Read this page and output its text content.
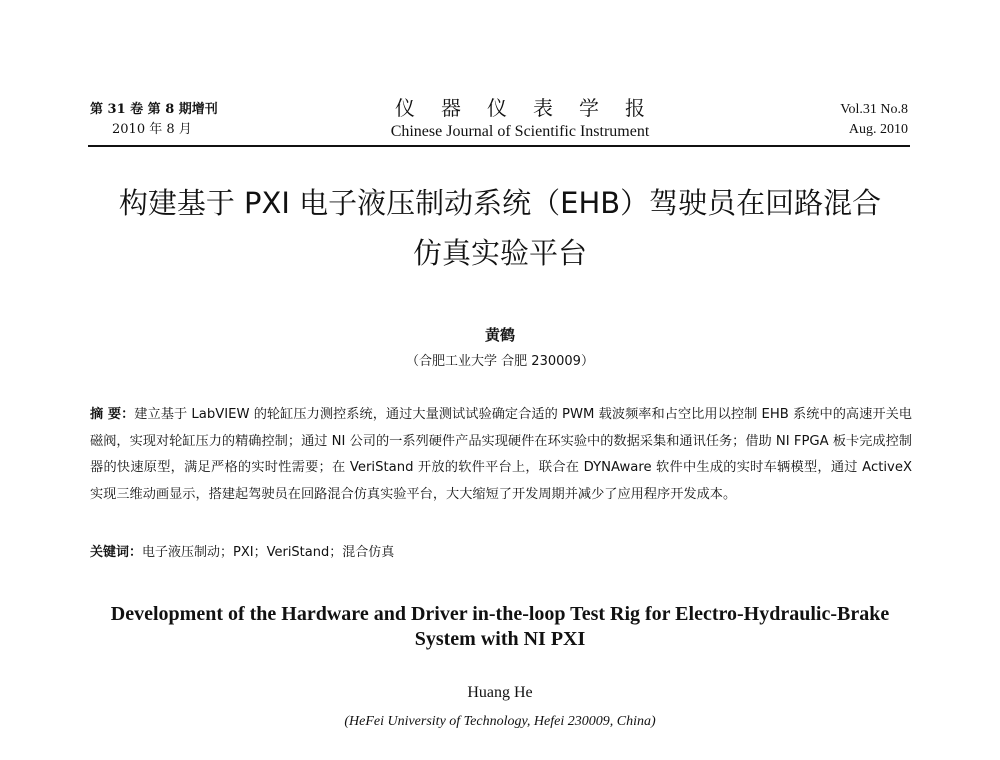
第 31 卷 第 8 期增刊
2010 年 8 月
仪器仪表学报
Chinese Journal of Scientific Instrument
Vol.31 No.8
Aug. 2010
构建基于 PXI 电子液压制动系统（EHB）驾驶员在回路混合
仿真实验平台
黄鹤
（合肥工业大学 合肥 230009）

摘 要：建立基于 LabVIEW 的轮缸压力测控系统，通过大量测试试验确定合适的 PWM 载波频率和占空比用以控制 EHB 系统中的高速开关电磁阀，实现对轮缸压力的精确控制；通过 NI 公司的一系列硬件产品实现硬件在环实验中的数据采集和通讯任务；借助 NI FPGA 板卡完成控制器的快速原型，满足严格的实时性需要；在 VeriStand 开放的软件平台上，联合在 DYNAware 软件中生成的实时车辆模型，通过 ActiveX 实现三维动画显示，搭建起驾驶员在回路混合仿真实验平台，大大缩短了开发周期并减少了应用程序开发成本。

关键词：电子液压制动；PXI；VeriStand；混合仿真
Development of the Hardware and Driver in-the-loop Test Rig for Electro-Hydraulic-Brake
System with NI PXI
Huang He
(HeFei University of Technology, Hefei 230009, China)
